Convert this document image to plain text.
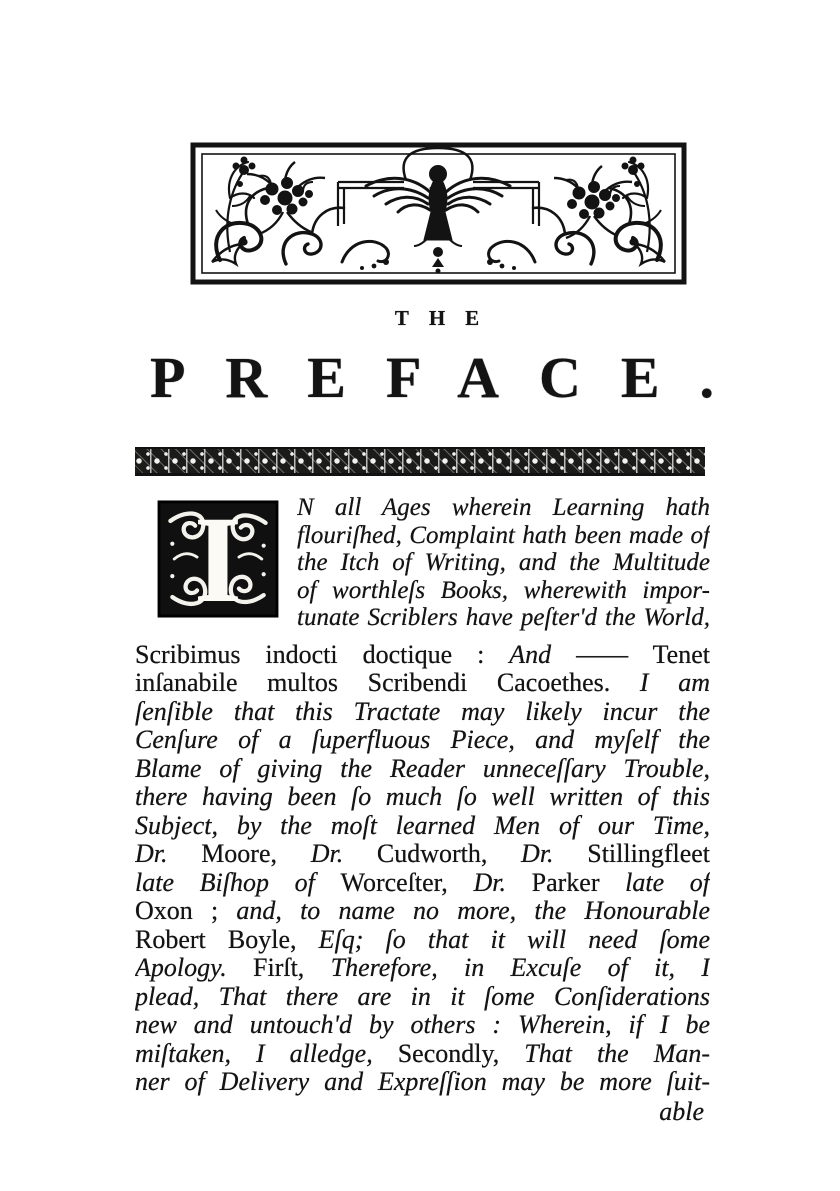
THE
PREFACE.
I N all Ages wherein Learning hath
flouriſhed, Complaint hath been made of
the Itch of Writing, and the Multitude
of worthleſs Books, wherewith impor-
tunate Scriblers have peſter'd the World,
Scribimus indocti doctique : And —— Tenet
inſanabile multos Scribendi Cacoethes. I am
ſenſible that this Tractate may likely incur the
Cenſure of a ſuperfluous Piece, and myſelf the
Blame of giving the Reader unneceſſary Trouble,
there having been ſo much ſo well written of this
Subject, by the moſt learned Men of our Time,
Dr. Moore, Dr. Cudworth, Dr. Stillingfleet
late Biſhop of Worceſter, Dr. Parker late of
Oxon ; and, to name no more, the Honourable
Robert Boyle, Eſq; ſo that it will need ſome
Apology. Firſt, Therefore, in Excuſe of it, I
plead, That there are in it ſome Conſiderations
new and untouch'd by others : Wherein, if I be
miſtaken, I alledge, Secondly, That the Man-
ner of Delivery and Expreſſion may be more ſuit-
able
